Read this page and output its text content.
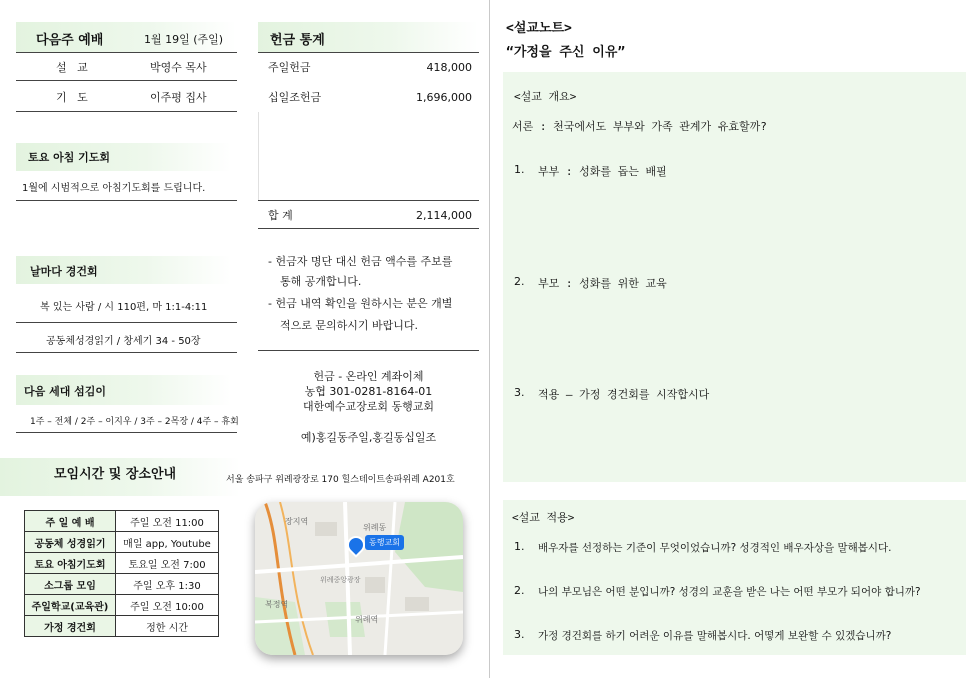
다음주 예배	1월 19일 (주일)
설   교	박영수 목사
기   도	이주평 집사
토요 아침 기도회
1월에 시범적으로 아침기도회를 드립니다.
날마다 경건회
복 있는 사람 / 시 110편, 마 1:1-4:11
공동체성경읽기 / 창세기 34 - 50장
다음 세대 섬김이
1주 – 전체 / 2주 – 이지우 / 3주 – 2목장 / 4주 – 휴회
모임시간 및 장소안내	서울 송파구 위례광장로 170 힐스테이트송파위례 A201호
주 일 예 배	주일 오전 11:00
공동체 성경읽기	매일 app, Youtube
토요 아침기도회	토요일 오전 7:00
소그룹 모임	주일 오후 1:30
주일학교(교육관)	주일 오전 10:00
가정 경건회	정한 시간
장지역
위례동
복정역
위례중앙광장
위례역
동행교회
헌금 통계
주일헌금	418,000
십일조헌금	1,696,000
합 계	2,114,000
- 헌금자 명단 대신 헌금 액수를 주보를
통해 공개합니다.
- 헌금 내역 확인을 원하시는 분은 개별
적으로 문의하시기 바랍니다.
헌금 - 온라인 계좌이체
농협 301-0281-8164-01
대한예수교장로회 동행교회
예)홍길동주일,홍길동십일조
<설교노트>
“가정을 주신 이유”
<설교 개요>
서론 : 천국에서도 부부와 가족 관계가 유효할까?
1. 부부 : 성화를 돕는 배필
2. 부모 : 성화를 위한 교육
3. 적용 – 가정 경건회를 시작합시다
<설교 적용>
1. 배우자를 선정하는 기준이 무엇이었습니까? 성경적인 배우자상을 말해봅시다.
2. 나의 부모님은 어떤 분입니까? 성경의 교훈을 받은 나는 어떤 부모가 되어야 합니까?
3. 가정 경건회를 하기 어려운 이유를 말해봅시다. 어떻게 보완할 수 있겠습니까?
